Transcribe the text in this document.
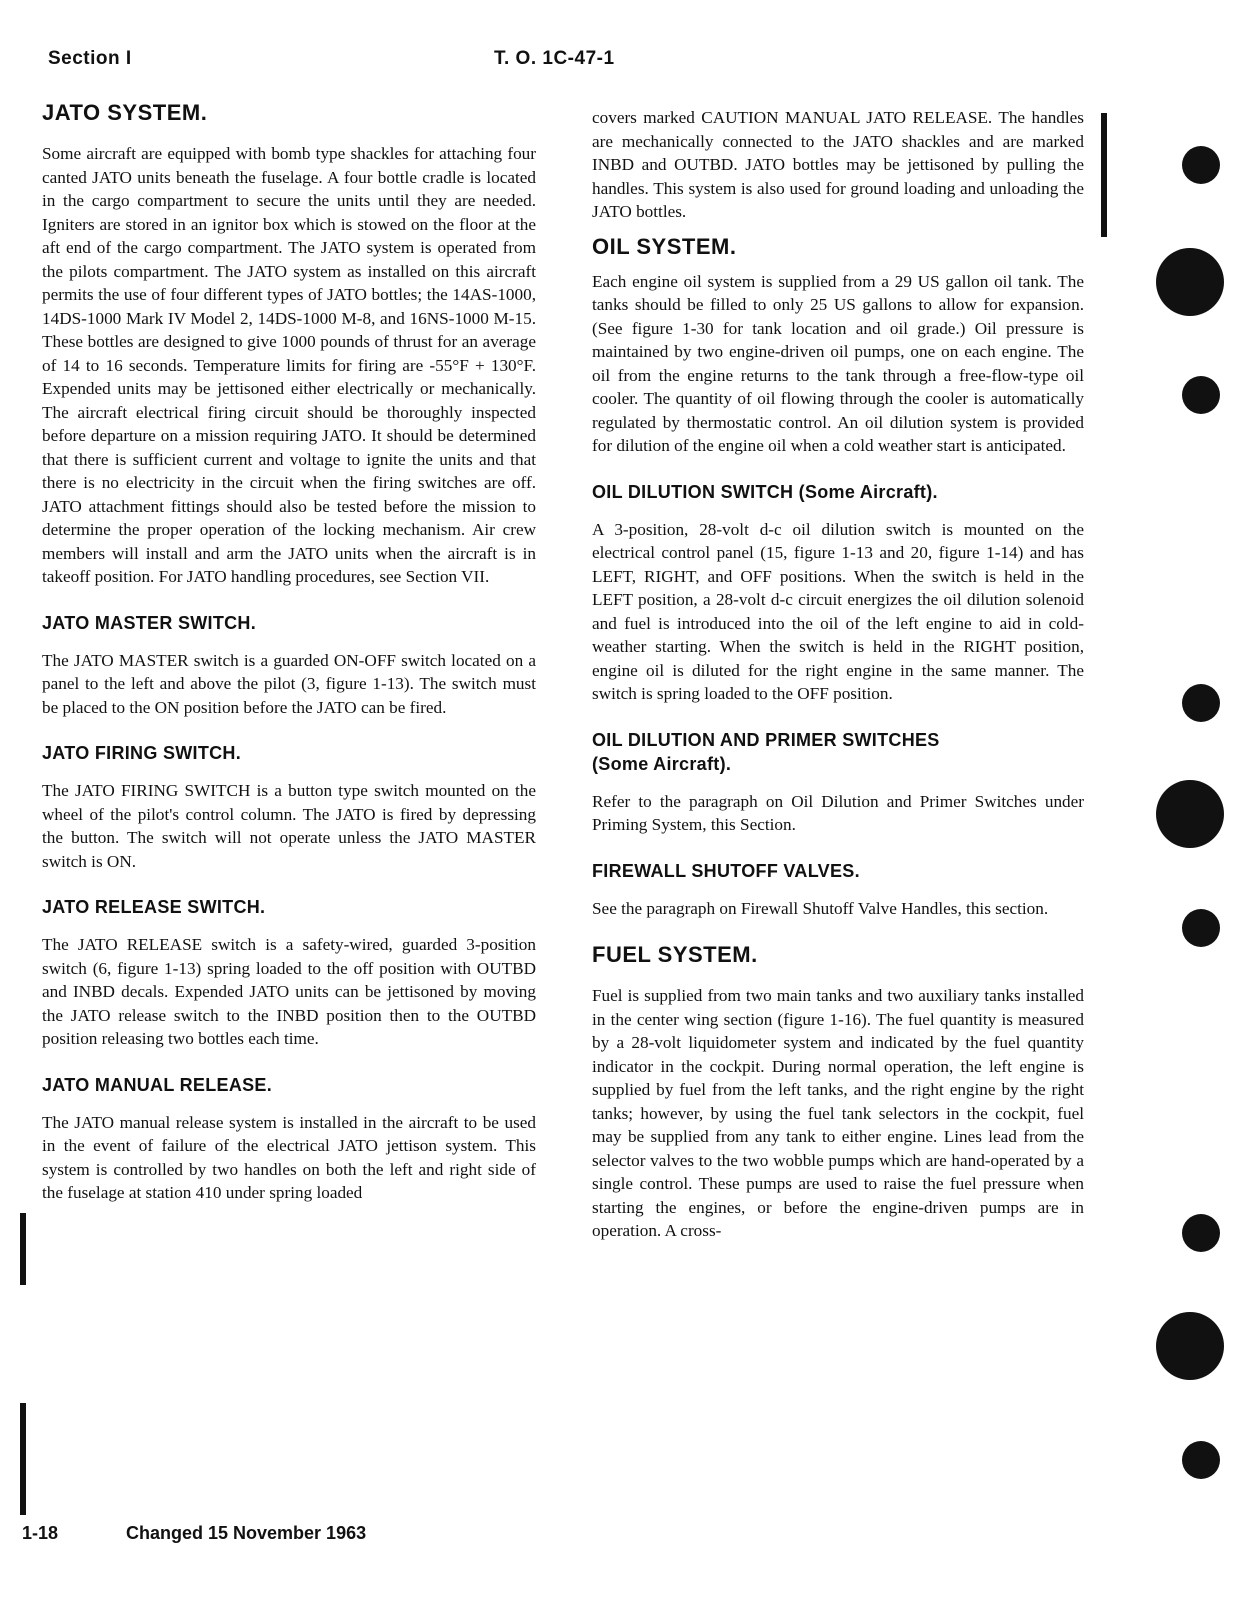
Section I	T. O. 1C-47-1
JATO SYSTEM.

Some aircraft are equipped with bomb type shackles for attaching four canted JATO units beneath the fuselage. A four bottle cradle is located in the cargo compartment to secure the units until they are needed. Igniters are stored in an ignitor box which is stowed on the floor at the aft end of the cargo compartment. The JATO system is operated from the pilots compartment. The JATO system as installed on this aircraft permits the use of four different types of JATO bottles; the 14AS-1000, 14DS-1000 Mark IV Model 2, 14DS-1000 M-8, and 16NS-1000 M-15. These bottles are designed to give 1000 pounds of thrust for an average of 14 to 16 seconds. Temperature limits for firing are -55°F + 130°F. Expended units may be jettisoned either electrically or mechanically. The aircraft electrical firing circuit should be thoroughly inspected before departure on a mission requiring JATO. It should be determined that there is sufficient current and voltage to ignite the units and that there is no electricity in the circuit when the firing switches are off. JATO attachment fittings should also be tested before the mission to determine the proper operation of the locking mechanism. Air crew members will install and arm the JATO units when the aircraft is in takeoff position. For JATO handling procedures, see Section VII.

JATO MASTER SWITCH.

The JATO MASTER switch is a guarded ON-OFF switch located on a panel to the left and above the pilot (3, figure 1-13). The switch must be placed to the ON position before the JATO can be fired.

JATO FIRING SWITCH.

The JATO FIRING SWITCH is a button type switch mounted on the wheel of the pilot's control column. The JATO is fired by depressing the button. The switch will not operate unless the JATO MASTER switch is ON.

JATO RELEASE SWITCH.

The JATO RELEASE switch is a safety-wired, guarded 3-position switch (6, figure 1-13) spring loaded to the off position with OUTBD and INBD decals. Expended JATO units can be jettisoned by moving the JATO release switch to the INBD position then to the OUTBD position releasing two bottles each time.

JATO MANUAL RELEASE.

The JATO manual release system is installed in the aircraft to be used in the event of failure of the electrical JATO jettison system. This system is controlled by two handles on both the left and right side of the fuselage at station 410 under spring loaded

covers marked CAUTION MANUAL JATO RELEASE. The handles are mechanically connected to the JATO shackles and are marked INBD and OUTBD. JATO bottles may be jettisoned by pulling the handles. This system is also used for ground loading and unloading the JATO bottles.

OIL SYSTEM.

Each engine oil system is supplied from a 29 US gallon oil tank. The tanks should be filled to only 25 US gallons to allow for expansion. (See figure 1-30 for tank location and oil grade.) Oil pressure is maintained by two engine-driven oil pumps, one on each engine. The oil from the engine returns to the tank through a free-flow-type oil cooler. The quantity of oil flowing through the cooler is automatically regulated by thermostatic control. An oil dilution system is provided for dilution of the engine oil when a cold weather start is anticipated.

OIL DILUTION SWITCH (Some Aircraft).

A 3-position, 28-volt d-c oil dilution switch is mounted on the electrical control panel (15, figure 1-13 and 20, figure 1-14) and has LEFT, RIGHT, and OFF positions. When the switch is held in the LEFT position, a 28-volt d-c circuit energizes the oil dilution solenoid and fuel is introduced into the oil of the left engine to aid in cold-weather starting. When the switch is held in the RIGHT position, engine oil is diluted for the right engine in the same manner. The switch is spring loaded to the OFF position.

OIL DILUTION AND PRIMER SWITCHES
(Some Aircraft).

Refer to the paragraph on Oil Dilution and Primer Switches under Priming System, this Section.

FIREWALL SHUTOFF VALVES.

See the paragraph on Firewall Shutoff Valve Handles, this section.

FUEL SYSTEM.

Fuel is supplied from two main tanks and two auxiliary tanks installed in the center wing section (figure 1-16). The fuel quantity is measured by a 28-volt liquidometer system and indicated by the fuel quantity indicator in the cockpit. During normal operation, the left engine is supplied by fuel from the left tanks, and the right engine by the right tanks; however, by using the fuel tank selectors in the cockpit, fuel may be supplied from any tank to either engine. Lines lead from the selector valves to the two wobble pumps which are hand-operated by a single control. These pumps are used to raise the fuel pressure when starting the engines, or before the engine-driven pumps are in operation. A cross-

1-18	Changed 15 November 1963
